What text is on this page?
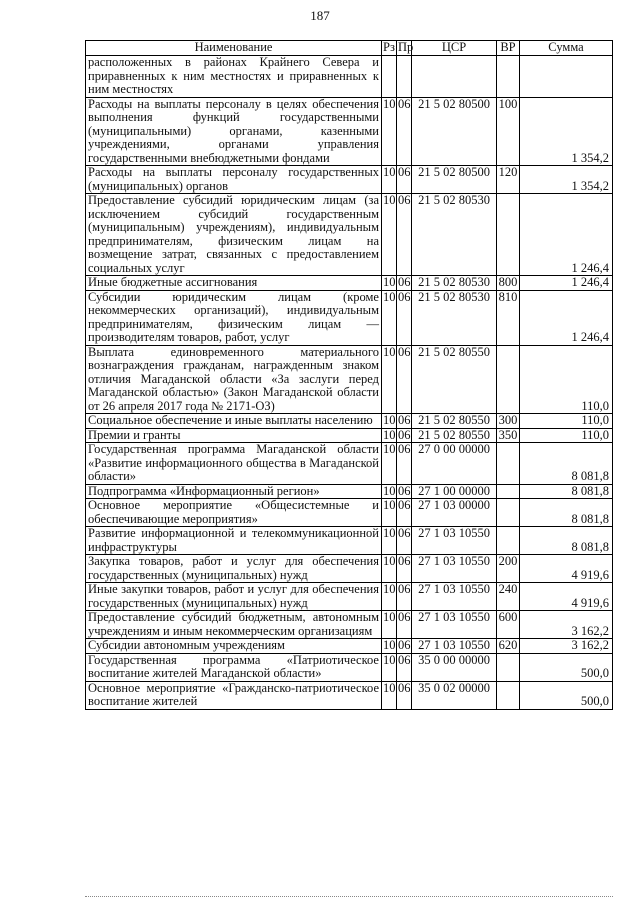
187
Наименование	Рз	Пр	ЦСР	ВР	Сумма
расположенных в районах Крайнего Севера и приравненных к ним местностях и приравненных к ним местностях					
Расходы на выплаты персоналу в целях обеспечения выполнения функций государственными (муниципальными) органами, казенными учреждениями, органами управления государственными внебюджетными фондами	10	06	21 5 02 80500	100	1 354,2
Расходы на выплаты персоналу государственных (муниципальных) органов	10	06	21 5 02 80500	120	1 354,2
Предоставление субсидий юридическим лицам (за исключением субсидий государственным (муниципальным) учреждениям), индивидуальным предпринимателям, физическим лицам на возмещение затрат, связанных с предоставлением социальных услуг	10	06	21 5 02 80530		1 246,4
Иные бюджетные ассигнования	10	06	21 5 02 80530	800	1 246,4
Субсидии юридическим лицам (кроме некоммерческих организаций), индивидуальным предпринимателям, физическим лицам — производителям товаров, работ, услуг	10	06	21 5 02 80530	810	1 246,4
Выплата единовременного материального вознаграждения гражданам, награжденным знаком отличия Магаданской области «За заслуги перед Магаданской областью» (Закон Магаданской области от 26 апреля 2017 года № 2171-ОЗ)	10	06	21 5 02 80550		110,0
Социальное обеспечение и иные выплаты населению	10	06	21 5 02 80550	300	110,0
Премии и гранты	10	06	21 5 02 80550	350	110,0
Государственная программа Магаданской области «Развитие информационного общества в Магаданской области»	10	06	27 0 00 00000		8 081,8
Подпрограмма «Информационный регион»	10	06	27 1 00 00000		8 081,8
Основное мероприятие «Общесистемные и обеспечивающие мероприятия»	10	06	27 1 03 00000		8 081,8
Развитие информационной и телекоммуникационной инфраструктуры	10	06	27 1 03 10550		8 081,8
Закупка товаров, работ и услуг для обеспечения государственных (муниципальных) нужд	10	06	27 1 03 10550	200	4 919,6
Иные закупки товаров, работ и услуг для обеспечения государственных (муниципальных) нужд	10	06	27 1 03 10550	240	4 919,6
Предоставление субсидий бюджетным, автономным учреждениям и иным некоммерческим организациям	10	06	27 1 03 10550	600	3 162,2
Субсидии автономным учреждениям	10	06	27 1 03 10550	620	3 162,2
Государственная программа «Патриотическое воспитание жителей Магаданской области»	10	06	35 0 00 00000		500,0
Основное мероприятие «Гражданско-патриотическое воспитание жителей	10	06	35 0 02 00000		500,0
